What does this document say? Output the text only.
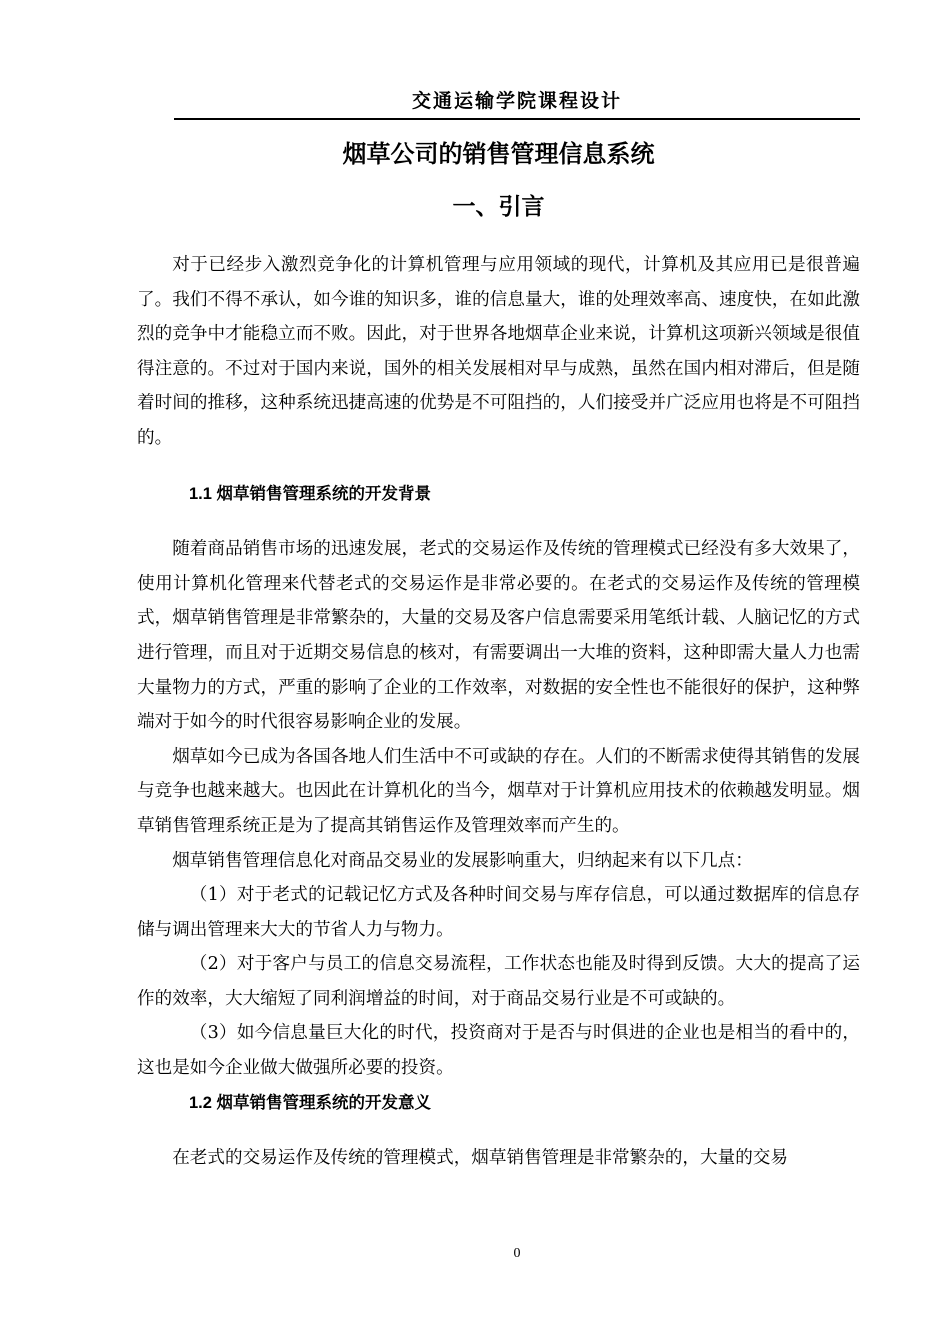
交通运输学院课程设计
烟草公司的销售管理信息系统
一、引言

对于已经步入激烈竞争化的计算机管理与应用领域的现代，计算机及其应用已是很普遍了。我们不得不承认，如今谁的知识多，谁的信息量大，谁的处理效率高、速度快，在如此激烈的竞争中才能稳立而不败。因此，对于世界各地烟草企业来说，计算机这项新兴领域是很值得注意的。不过对于国内来说，国外的相关发展相对早与成熟，虽然在国内相对滞后，但是随着时间的推移，这种系统迅捷高速的优势是不可阻挡的，人们接受并广泛应用也将是不可阻挡的。

1.1 烟草销售管理系统的开发背景

随着商品销售市场的迅速发展，老式的交易运作及传统的管理模式已经没有多大效果了，使用计算机化管理来代替老式的交易运作是非常必要的。在老式的交易运作及传统的管理模式，烟草销售管理是非常繁杂的，大量的交易及客户信息需要采用笔纸计载、人脑记忆的方式进行管理，而且对于近期交易信息的核对，有需要调出一大堆的资料，这种即需大量人力也需大量物力的方式，严重的影响了企业的工作效率，对数据的安全性也不能很好的保护，这种弊端对于如今的时代很容易影响企业的发展。

烟草如今已成为各国各地人们生活中不可或缺的存在。人们的不断需求使得其销售的发展与竞争也越来越大。也因此在计算机化的当今，烟草对于计算机应用技术的依赖越发明显。烟草销售管理系统正是为了提高其销售运作及管理效率而产生的。

烟草销售管理信息化对商品交易业的发展影响重大，归纳起来有以下几点：

（1）对于老式的记载记忆方式及各种时间交易与库存信息，可以通过数据库的信息存储与调出管理来大大的节省人力与物力。

（2）对于客户与员工的信息交易流程，工作状态也能及时得到反馈。大大的提高了运作的效率，大大缩短了同利润增益的时间，对于商品交易行业是不可或缺的。

（3）如今信息量巨大化的时代，投资商对于是否与时俱进的企业也是相当的看中的，这也是如今企业做大做强所必要的投资。

1.2 烟草销售管理系统的开发意义

在老式的交易运作及传统的管理模式，烟草销售管理是非常繁杂的，大量的交易

0
